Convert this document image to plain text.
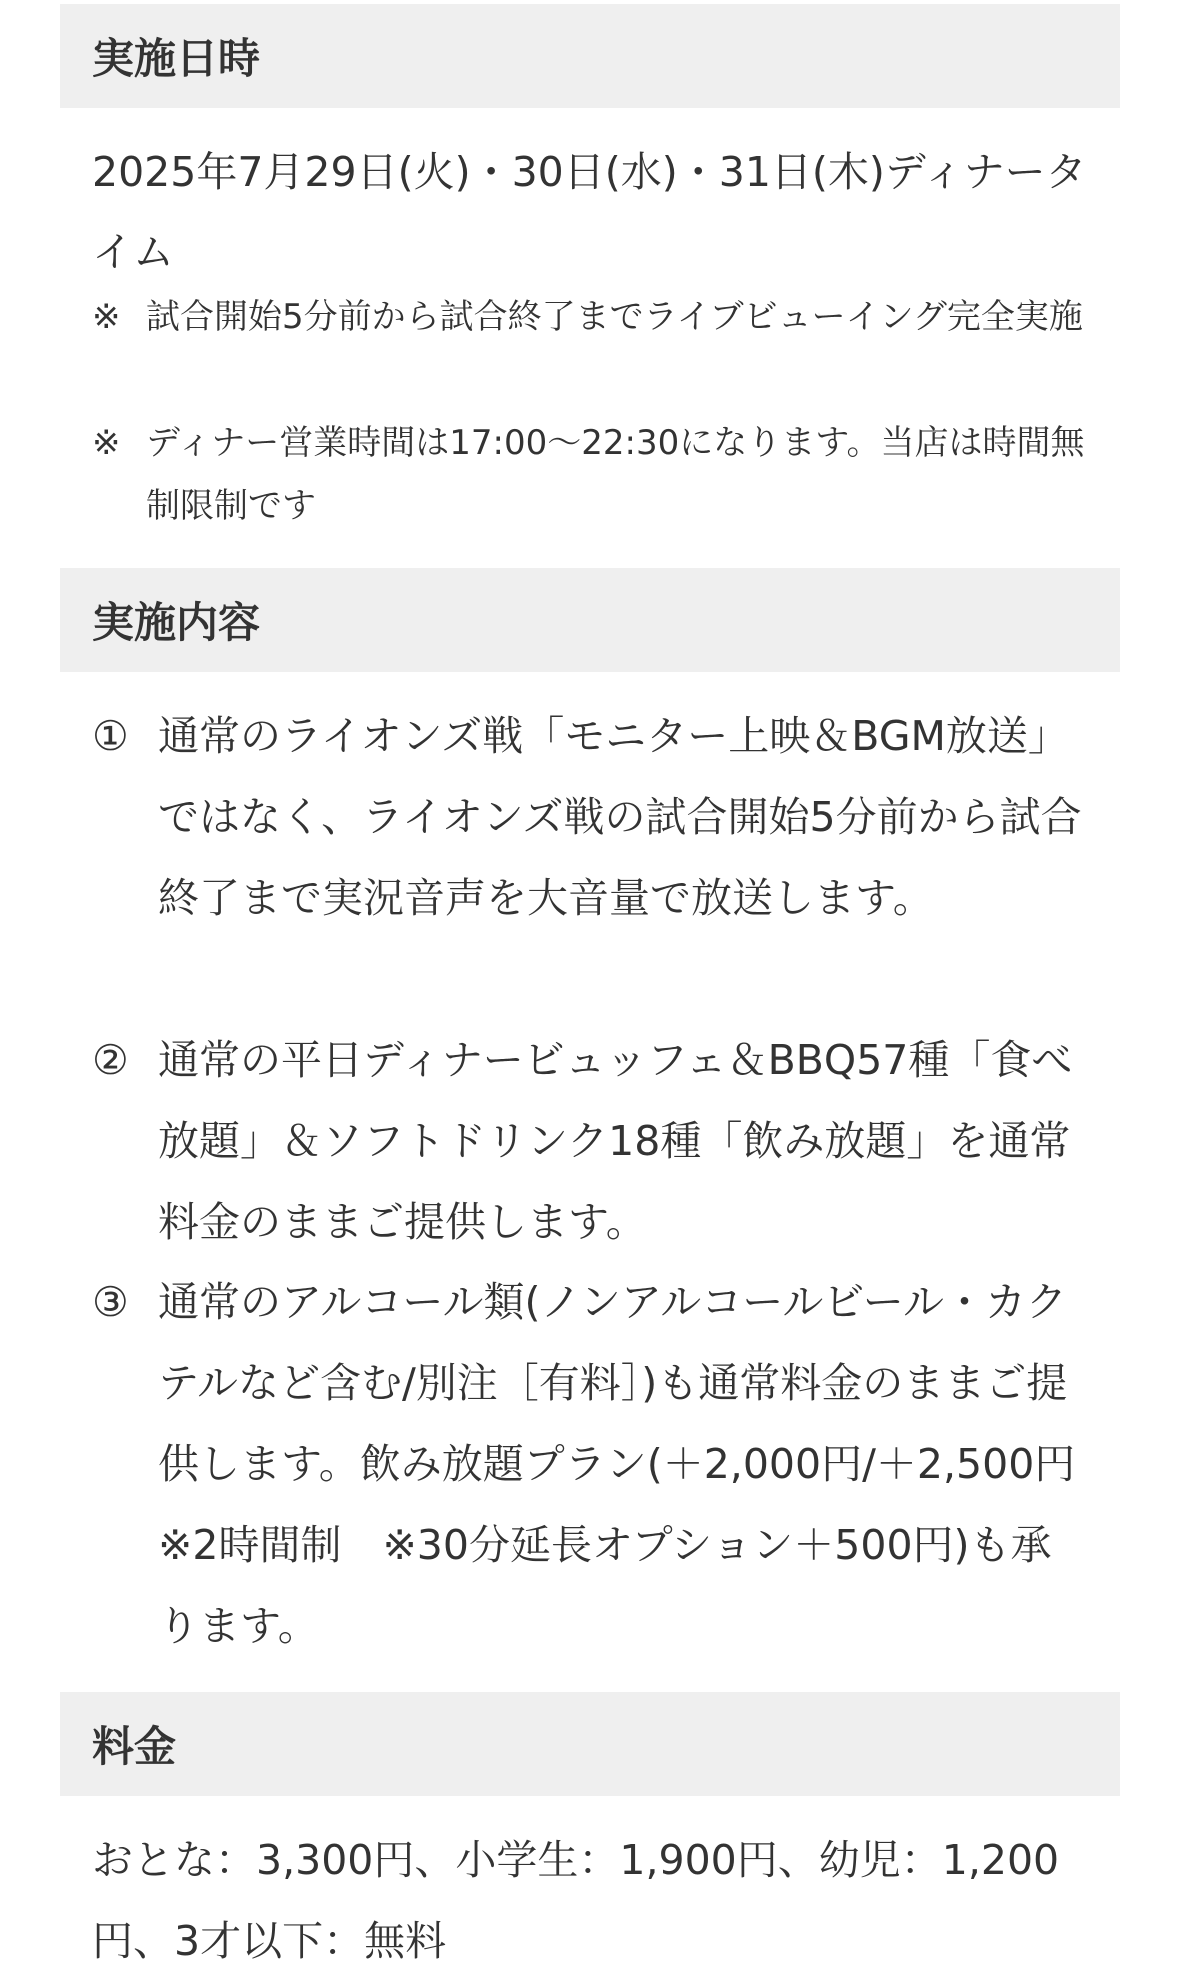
実施日時
2025年7月29日(火)・30日(水)・31日(木)ディナータイム
※ 試合開始5分前から試合終了までライブビューイング完全実施
※ ディナー営業時間は17:00〜22:30になります。当店は時間無制限制です
実施内容
① 通常のライオンズ戦「モニター上映＆BGM放送」ではなく、ライオンズ戦の試合開始5分前から試合終了まで実況音声を大音量で放送します。
② 通常の平日ディナービュッフェ＆BBQ57種「食べ放題」＆ソフトドリンク18種「飲み放題」を通常料金のままご提供します。
③ 通常のアルコール類(ノンアルコールビール・カクテルなど含む/別注［有料］)も通常料金のままご提供します。飲み放題プラン(＋2,000円/＋2,500円　※2時間制　※30分延長オプション＋500円)も承ります。
料金
おとな：3,300円、小学生：1,900円、幼児：1,200円、3才以下：無料
